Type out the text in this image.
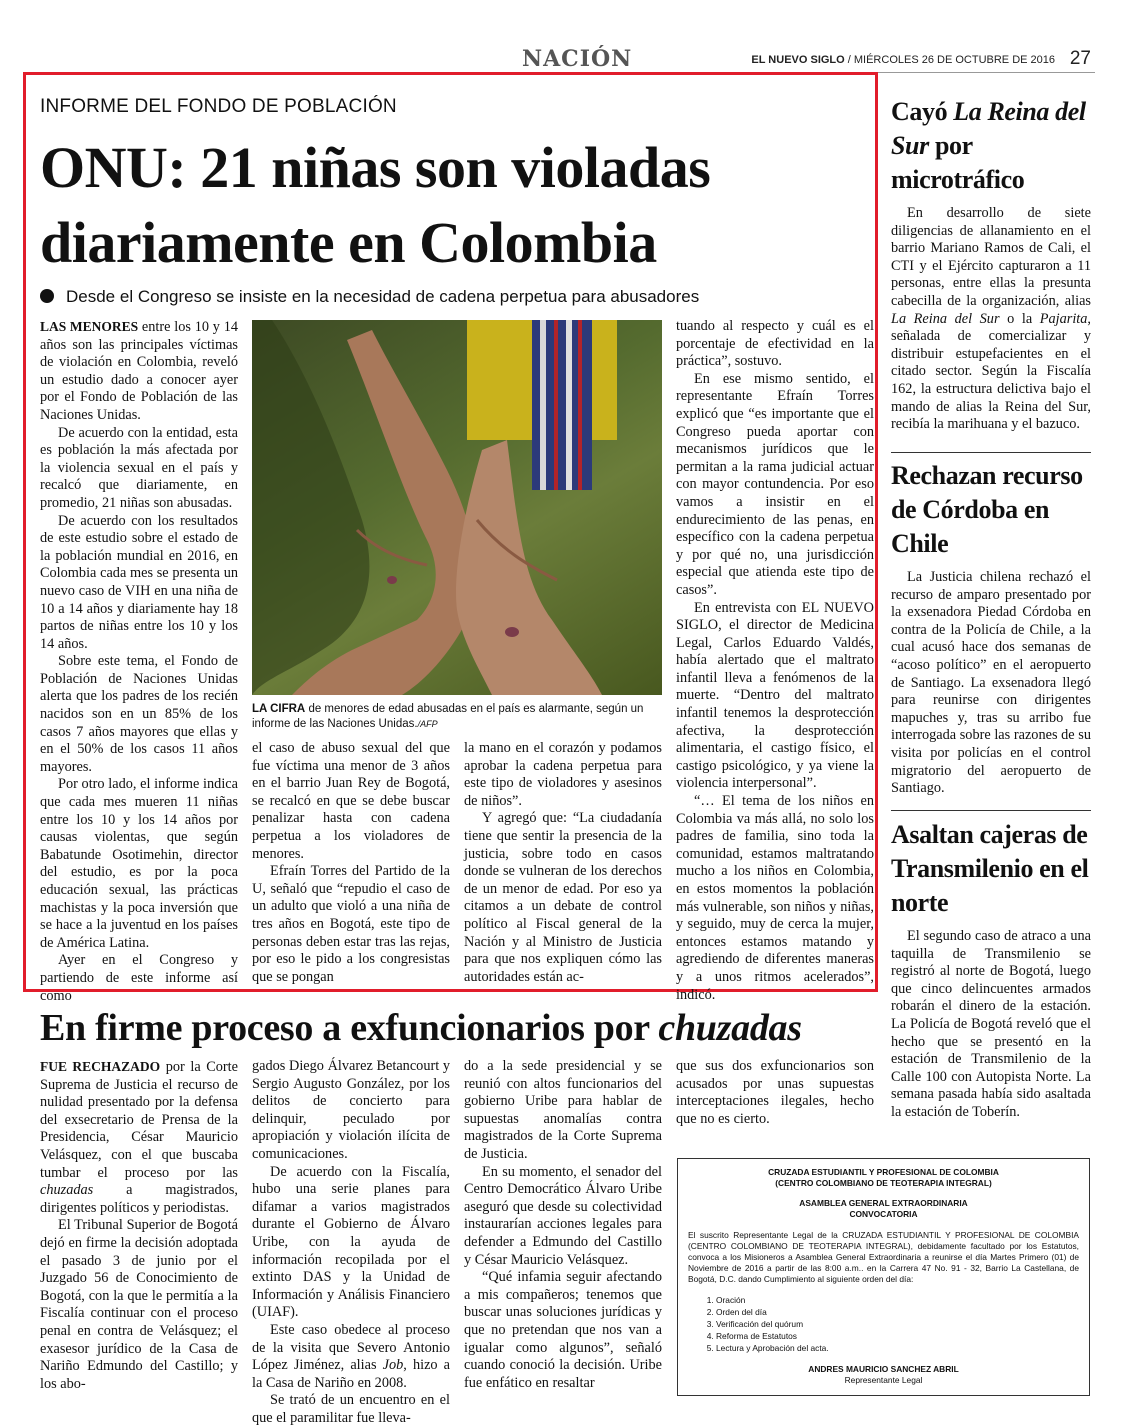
NACIÓN	EL NUEVO SIGLO / MIÉRCOLES 26 DE OCTUBRE DE 2016 27
INFORME DEL FONDO DE POBLACIÓN
ONU: 21 niñas son violadas diariamente en Colombia
Desde el Congreso se insiste en la necesidad de cadena perpetua para abusadores

LAS MENORES entre los 10 y 14 años son las principales víctimas de violación en Colombia, reveló un estudio dado a conocer ayer por el Fondo de Población de las Naciones Unidas.

De acuerdo con la entidad, esta es población la más afectada por la violencia sexual en el país y recalcó que diariamente, en promedio, 21 niñas son abusadas.

De acuerdo con los resultados de este estudio sobre el estado de la población mundial en 2016, en Colombia cada mes se presenta un nuevo caso de VIH en una niña de 10 a 14 años y diariamente hay 18 partos de niñas entre los 10 y los 14 años.

Sobre este tema, el Fondo de Población de Naciones Unidas alerta que los padres de los recién nacidos son en un 85% de los casos 7 años mayores que ellas y en el 50% de los casos 11 años mayores.

Por otro lado, el informe indica que cada mes mueren 11 niñas entre los 10 y los 14 años por causas violentas, que según Babatunde Osotimehin, director del estudio, es por la poca educación sexual, las prácticas machistas y la poca inversión que se hace a la juventud en los países de América Latina.

Ayer en el Congreso y partiendo de este informe así como

LA CIFRA de menores de edad abusadas en el país es alarmante, según un informe de las Naciones Unidas./AFP

el caso de abuso sexual del que fue víctima una menor de 3 años en el barrio Juan Rey de Bogotá, se recalcó en que se debe buscar penalizar hasta con cadena perpetua a los violadores de menores.

Efraín Torres del Partido de la U, señaló que “repudio el caso de un adulto que violó a una niña de tres años en Bogotá, este tipo de personas deben estar tras las rejas, por eso le pido a los congresistas que se pongan

la mano en el corazón y podamos aprobar la cadena perpetua para este tipo de violadores y asesinos de niños”.

Y agregó que: “La ciudadanía tiene que sentir la presencia de la justicia, sobre todo en casos donde se vulneran de los derechos de un menor de edad. Por eso ya citamos a un debate de control político al Fiscal general de la Nación y al Ministro de Justicia para que nos expliquen cómo las autoridades están ac-

tuando al respecto y cuál es el porcentaje de efectividad en la práctica”, sostuvo.

En ese mismo sentido, el representante Efraín Torres explicó que “es importante que el Congreso pueda aportar con mecanismos jurídicos que le permitan a la rama judicial actuar con mayor contundencia. Por eso vamos a insistir en el endurecimiento de las penas, en específico con la cadena perpetua y por qué no, una jurisdicción especial que atienda este tipo de casos”.

En entrevista con EL NUEVO SIGLO, el director de Medicina Legal, Carlos Eduardo Valdés, había alertado que el maltrato infantil lleva a fenómenos de la muerte. “Dentro del maltrato infantil tenemos la desprotección afectiva, la desprotección alimentaria, el castigo físico, el castigo psicológico, y ya viene la violencia interpersonal”.

“… El tema de los niños en Colombia va más allá, no solo los padres de familia, sino toda la comunidad, estamos maltratando mucho a los niños en Colombia, en estos momentos la población más vulnerable, son niños y niñas, y seguido, muy de cerca la mujer, entonces estamos matando y agrediendo de diferentes maneras y a unos ritmos acelerados”, indicó.

Cayó La Reina del Sur por microtráfico

En desarrollo de siete diligencias de allanamiento en el barrio Mariano Ramos de Cali, el CTI y el Ejército capturaron a 11 personas, entre ellas la presunta cabecilla de la organización, alias La Reina del Sur o la Pajarita, señalada de comercializar y distribuir estupefacientes en el citado sector. Según la Fiscalía 162, la estructura delictiva bajo el mando de alias la Reina del Sur, recibía la marihuana y el bazuco.

Rechazan recurso de Córdoba en Chile

La Justicia chilena rechazó el recurso de amparo presentado por la exsenadora Piedad Córdoba en contra de la Policía de Chile, a la cual acusó hace dos semanas de “acoso político” en el aeropuerto de Santiago. La exsenadora llegó para reunirse con dirigentes mapuches y, tras su arribo fue interrogada sobre las razones de su visita por policías en el control migratorio del aeropuerto de Santiago.

Asaltan cajeras de Transmilenio en el norte

El segundo caso de atraco a una taquilla de Transmilenio se registró al norte de Bogotá, luego que cinco delincuentes armados robarán el dinero de la estación. La Policía de Bogotá reveló que el hecho que se presentó en la estación de Transmilenio de la Calle 100 con Autopista Norte. La semana pasada había sido asaltada la estación de Toberín.

En firme proceso a exfuncionarios por chuzadas

FUE RECHAZADO por la Corte Suprema de Justicia el recurso de nulidad presentado por la defensa del exsecretario de Prensa de la Presidencia, César Mauricio Velásquez, con el que buscaba tumbar el proceso por las chuzadas a magistrados, dirigentes políticos y periodistas.

El Tribunal Superior de Bogotá dejó en firme la decisión adoptada el pasado 3 de junio por el Juzgado 56 de Conocimiento de Bogotá, con la que le permitía a la Fiscalía continuar con el proceso penal en contra de Velásquez; el exasesor jurídico de la Casa de Nariño Edmundo del Castillo; y los abo-

gados Diego Álvarez Betancourt y Sergio Augusto González, por los delitos de concierto para delinquir, peculado por apropiación y violación ilícita de comunicaciones.

De acuerdo con la Fiscalía, hubo una serie planes para difamar a varios magistrados durante el Gobierno de Álvaro Uribe, con la ayuda de información recopilada por el extinto DAS y la Unidad de Información y Análisis Financiero (UIAF).

Este caso obedece al proceso de la visita que Severo Antonio López Jiménez, alias Job, hizo a la Casa de Nariño en 2008.

Se trató de un encuentro en el que el paramilitar fue lleva-

do a la sede presidencial y se reunió con altos funcionarios del gobierno Uribe para hablar de supuestas anomalías contra magistrados de la Corte Suprema de Justicia.

En su momento, el senador del Centro Democrático Álvaro Uribe aseguró que desde su colectividad instaurarían acciones legales para defender a Edmundo del Castillo y César Mauricio Velásquez.

“Qué infamia seguir afectando a mis compañeros; tenemos que buscar unas soluciones jurídicas y que no pretendan que nos van a igualar como algunos”, señaló cuando conoció la decisión. Uribe fue enfático en resaltar

que sus dos exfuncionarios son acusados por unas supuestas interceptaciones ilegales, hecho que no es cierto.

CRUZADA ESTUDIANTIL Y PROFESIONAL DE COLOMBIA
(CENTRO COLOMBIANO DE TEOTERAPIA INTEGRAL)
ASAMBLEA GENERAL EXTRAORDINARIA
CONVOCATORIA
El suscrito Representante Legal de la CRUZADA ESTUDIANTIL Y PROFESIONAL DE COLOMBIA (CENTRO COLOMBIANO DE TEOTERAPIA INTEGRAL), debidamente facultado por los Estatutos, convoca a los Misioneros a Asamblea General Extraordinaria a reunirse el día Martes Primero (01) de Noviembre de 2016 a partir de las 8:00 a.m.. en la Carrera 47 No. 91 - 32, Barrio La Castellana, de Bogotá, D.C. dando Cumplimiento al siguiente orden del día:
1. Oración
2. Orden del día
3. Verificación del quórum
4. Reforma de Estatutos
5. Lectura y Aprobación del acta.
ANDRES MAURICIO SANCHEZ ABRIL
Representante Legal
